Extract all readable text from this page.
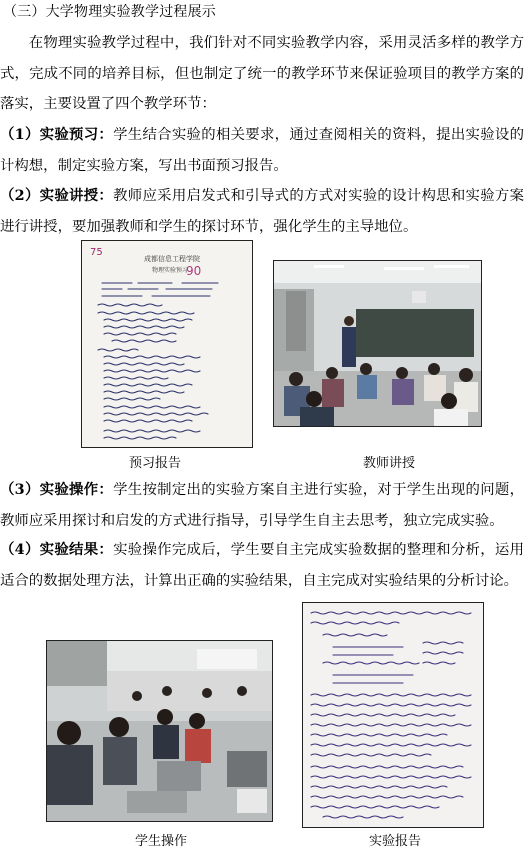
（三）大学物理实验教学过程展示
在物理实验教学过程中，我们针对不同实验教学内容，采用灵活多样的教学方式，完成不同的培养目标，但也制定了统一的教学环节来保证验项目的教学方案的落实，主要设置了四个教学环节：
（1）实验预习：学生结合实验的相关要求，通过查阅相关的资料，提出实验设的计构想，制定实验方案，写出书面预习报告。
（2）实验讲授：教师应采用启发式和引导式的方式对实验的设计构思和实验方案进行讲授，要加强教师和学生的探讨环节，强化学生的主导地位。
75
成都信息工程学院
物理实验预习
90
预习报告	教师讲授
（3）实验操作：学生按制定出的实验方案自主进行实验，对于学生出现的问题，教师应采用探讨和启发的方式进行指导，引导学生自主去思考，独立完成实验。
（4）实验结果：实验操作完成后，学生要自主完成实验数据的整理和分析，运用适合的数据处理方法，计算出正确的实验结果，自主完成对实验结果的分析讨论。
学生操作	实验报告
